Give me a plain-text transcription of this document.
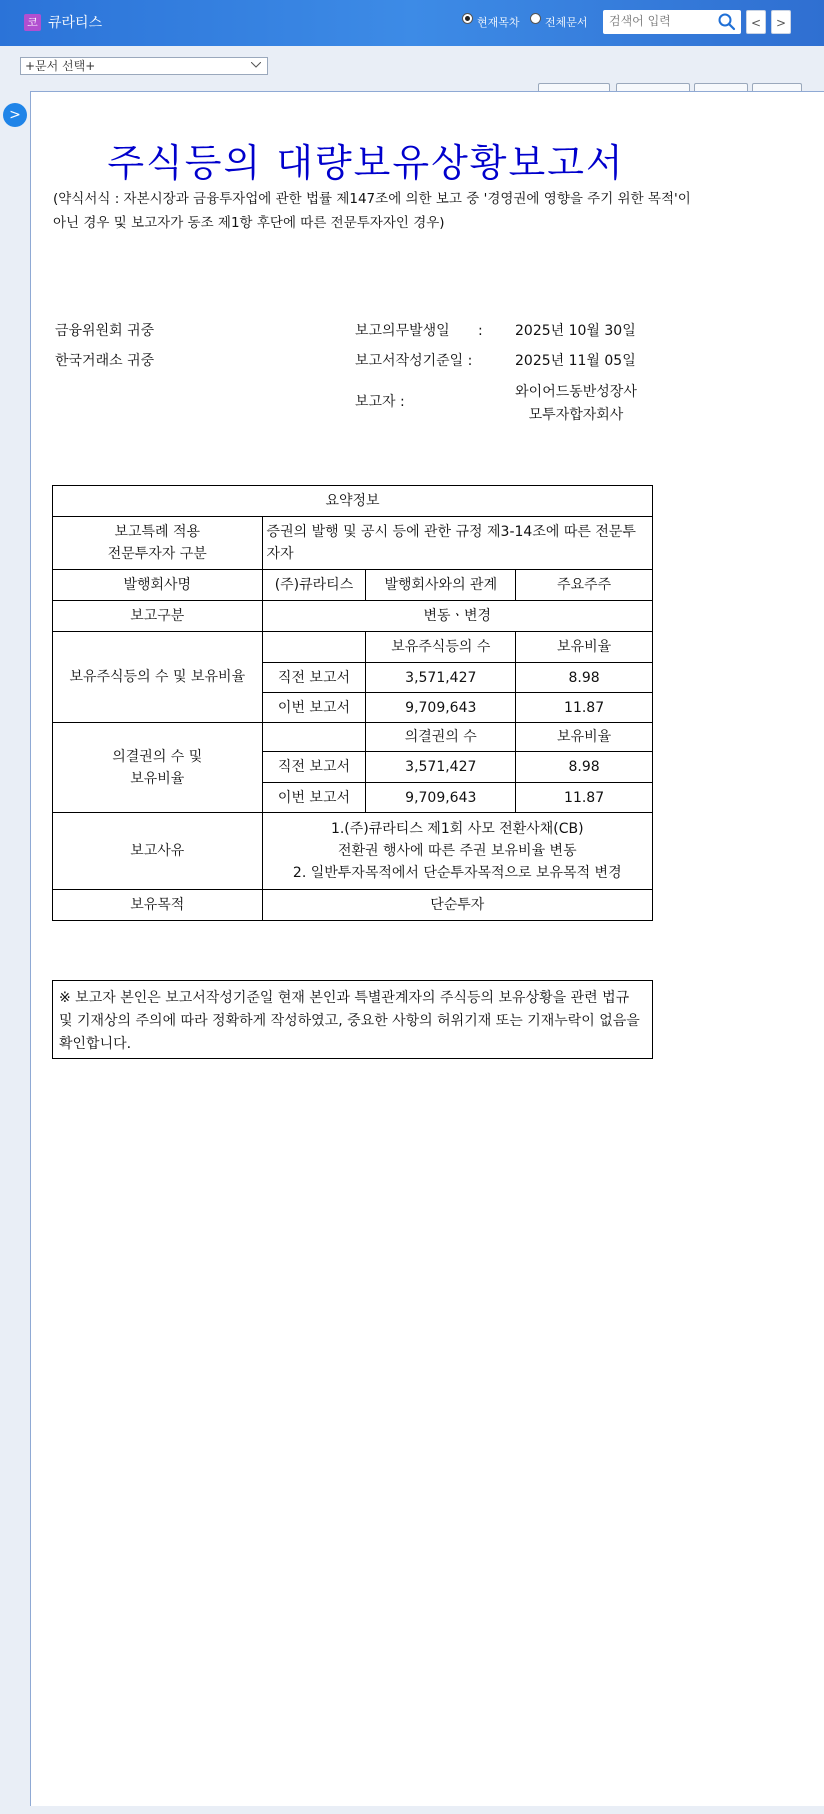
코 큐라티스	현재목차 전체문서
검색어 입력	<	>
+문서 선택+
주식등의 대량보유상황보고서
(약식서식 : 자본시장과 금융투자업에 관한 법률 제147조에 의한 보고 중 '경영권에 영향을 주기 위한 목적'이 아닌 경우 및 보고자가 동조 제1항 후단에 따른 전문투자자인 경우)
금융위원회 귀중
한국거래소 귀중
보고의무발생일 : 2025년 10월 30일
보고서작성기준일 :	2025년 11월 05일
보고자 :
와이어드동반성장사
모투자합자회사
요약정보			

보고특례 적용
전문투자자 구분	증권의 발행 및 공시 등에 관한 규정 제3-14조에 따른 전문투자자		
발행회사명	(주)큐라티스	발행회사와의 관계	주요주주
보고구분	변동ㆍ변경		
보유주식등의 수 및 보유비율		보유주식등의 수	보유비율
	직전 보고서	3,571,427	8.98
	이번 보고서	9,709,643	11.87

의결권의 수 및
보유비율		의결권의 수	보유비율
	직전 보고서	3,571,427	8.98
	이번 보고서	9,709,643	11.87
보고사유	1.(주)큐라티스 제1회 사모 전환사채(CB)
전환권 행사에 따른 주권 보유비율 변동
2. 일반투자목적에서 단순투자목적으로 보유목적 변경		

보유목적	단순투자		
※ 보고자 본인은 보고서작성기준일 현재 본인과 특별관계자의 주식등의 보유상황을 관련 법규 및 기재상의 주의에 따라 정확하게 작성하였고, 중요한 사항의 허위기재 또는 기재누락이 없음을 확인합니다.
>
